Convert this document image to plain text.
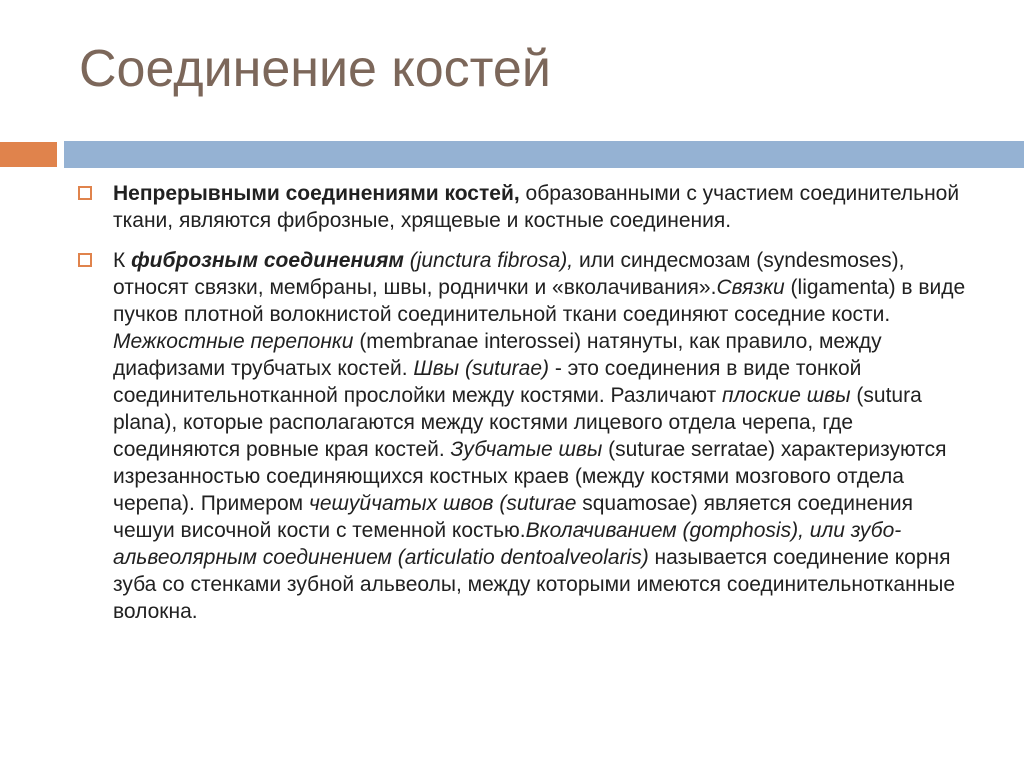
Соединение костей

Непрерывными соединениями костей, образованными с участием соединительной ткани, являются фиброзные, хрящевые и костные соединения.

К фиброзным соединениям (junctura fibrosa), или синдесмозам (syndesmoses), относят связки, мембраны, швы, роднички и «вколачивания».Связки (ligamenta) в виде пучков плотной волокнистой соединительной ткани соединяют соседние кости. Межкостные перепонки (membranae interossei) натянуты, как правило, между диафизами трубчатых костей. Швы (suturae) - это соединения в виде тонкой соединительнотканной прослойки между костями. Различают плоские швы (sutura plana), которые располагаются между костями лицевого отдела черепа, где соединяются ровные края костей. Зубчатые швы (suturae serratae) характеризуются изрезанностью соединяющихся костных краев (между костями мозгового отдела черепа). Примером чешуйчатых швов (suturae squamosae) является соединения чешуи височной кости с теменной костью.Вколачиванием (gomphosis), или зубо-альвеолярным соединением (articulatio dentoalveolaris) называется соединение корня зуба со стенками зубной альвеолы, между которыми имеются соединительнотканные волокна.
